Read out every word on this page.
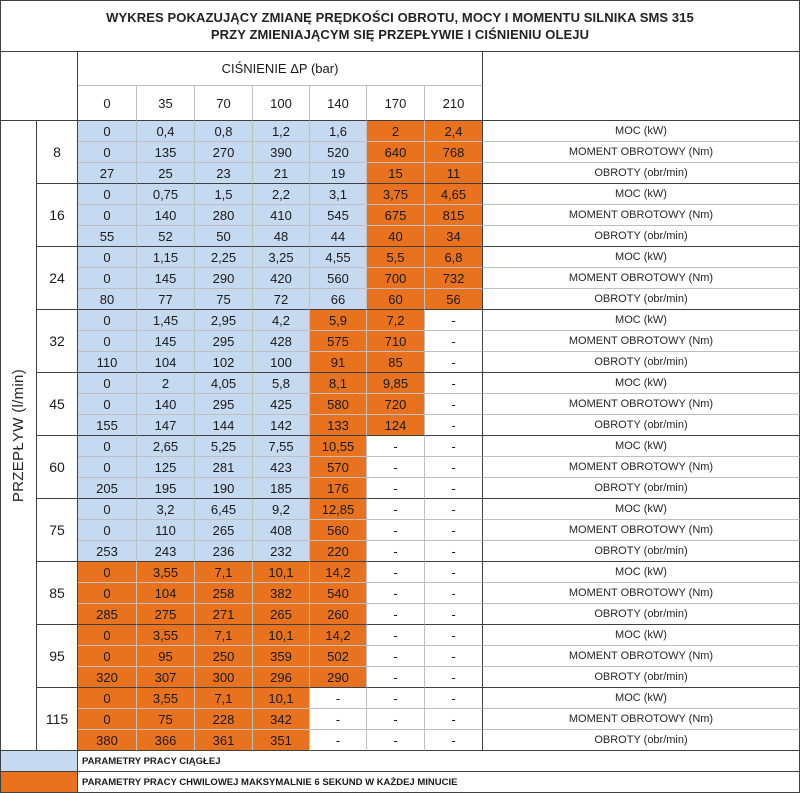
WYKRES POKAZUJĄCY ZMIANĘ PRĘDKOŚCI OBROTU, MOCY I MOMENTU SILNIKA SMS 315
PRZY ZMIENIAJĄCYM SIĘ PRZEPŁYWIE I CIŚNIENIU OLEJU
CIŚNIENIE ΔP (bar)
PRZEPŁYW (l/min)
PARAMETRY PRACY CIĄGŁEJ
PARAMETRY PRACY CHWILOWEJ MAKSYMALNIE 6 SEKUND W KAŻDEJ MINUCIE
0	35	70	100	140	170	210
8
0	0,4	0,8	1,2	1,6	2	2,4	MOC (kW)
0	135	270	390	520	640	768	MOMENT OBROTOWY (Nm)
27	25	23	21	19	15	11	OBROTY (obr/min)
16
0	0,75	1,5	2,2	3,1	3,75	4,65	MOC (kW)
0	140	280	410	545	675	815	MOMENT OBROTOWY (Nm)
55	52	50	48	44	40	34	OBROTY (obr/min)
24
0	1,15	2,25	3,25	4,55	5,5	6,8	MOC (kW)
0	145	290	420	560	700	732	MOMENT OBROTOWY (Nm)
80	77	75	72	66	60	56	OBROTY (obr/min)
32
0	1,45	2,95	4,2	5,9	7,2	-	MOC (kW)
0	145	295	428	575	710	-	MOMENT OBROTOWY (Nm)
110	104	102	100	91	85	-	OBROTY (obr/min)
45
0	2	4,05	5,8	8,1	9,85	-	MOC (kW)
0	140	295	425	580	720	-	MOMENT OBROTOWY (Nm)
155	147	144	142	133	124	-	OBROTY (obr/min)
60
0	2,65	5,25	7,55	10,55	-	-	MOC (kW)
0	125	281	423	570	-	-	MOMENT OBROTOWY (Nm)
205	195	190	185	176	-	-	OBROTY (obr/min)
75
0	3,2	6,45	9,2	12,85	-	-	MOC (kW)
0	110	265	408	560	-	-	MOMENT OBROTOWY (Nm)
253	243	236	232	220	-	-	OBROTY (obr/min)
85
0	3,55	7,1	10,1	14,2	-	-	MOC (kW)
0	104	258	382	540	-	-	MOMENT OBROTOWY (Nm)
285	275	271	265	260	-	-	OBROTY (obr/min)
95
0	3,55	7,1	10,1	14,2	-	-	MOC (kW)
0	95	250	359	502	-	-	MOMENT OBROTOWY (Nm)
320	307	300	296	290	-	-	OBROTY (obr/min)
115
0	3,55	7,1	10,1	-	-	-	MOC (kW)
0	75	228	342	-	-	-	MOMENT OBROTOWY (Nm)
380	366	361	351	-	-	-	OBROTY (obr/min)
